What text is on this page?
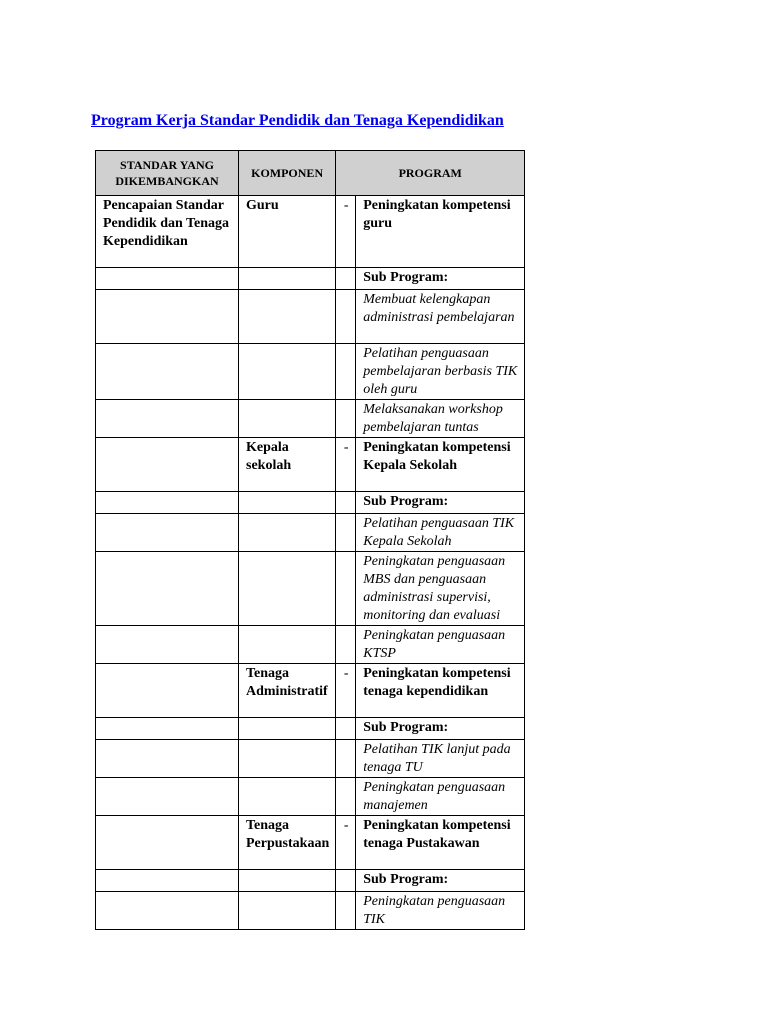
Program Kerja Standar Pendidik dan Tenaga Kependidikan
STANDAR YANG DIKEMBANGKAN	KOMPONEN	PROGRAM	

Pencapaian Standar Pendidik dan Tenaga Kependidikan	Guru	-	Peningkatan kompetensi guru

			Sub Program:

			Membuat kelengkapan administrasi pembelajaran

			Pelatihan penguasaan pembelajaran berbasis TIK oleh guru

			Melaksanakan workshop pembelajaran tuntas

	Kepala sekolah	-	Peningkatan kompetensi Kepala Sekolah

			Sub Program:

			Pelatihan penguasaan TIK Kepala Sekolah

			Peningkatan penguasaan MBS dan penguasaan administrasi supervisi, monitoring dan evaluasi

			Peningkatan penguasaan KTSP

	Tenaga Administratif	-	Peningkatan kompetensi tenaga kependidikan

			Sub Program:

			Pelatihan TIK lanjut pada tenaga TU

			Peningkatan penguasaan manajemen

	Tenaga Perpustakaan	-	Peningkatan kompetensi tenaga Pustakawan

			Sub Program:

			Peningkatan penguasaan TIK
